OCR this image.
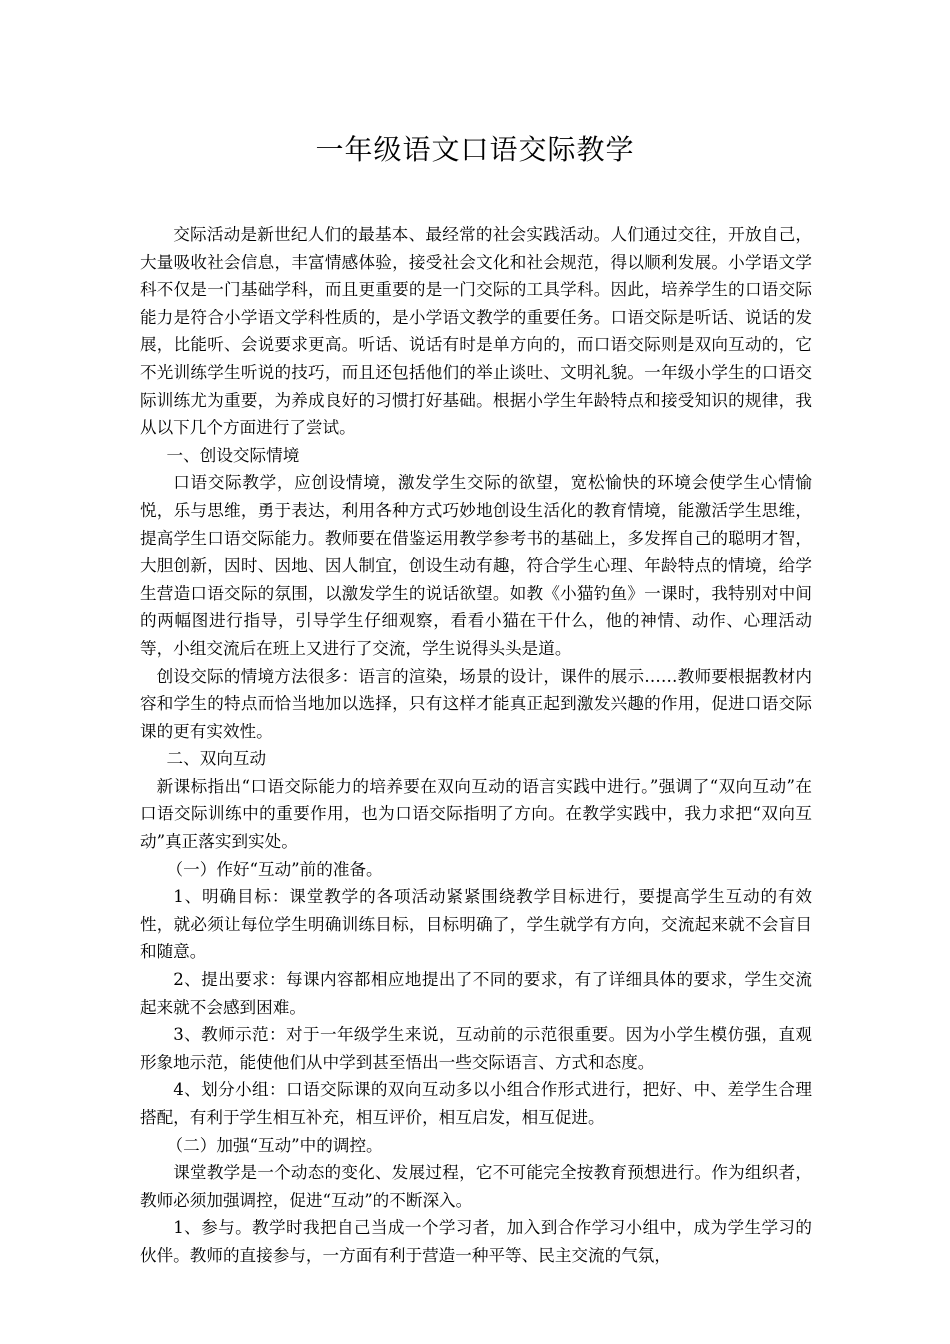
一年级语文口语交际教学

交际活动是新世纪人们的最基本、最经常的社会实践活动。人们通过交往，开放自己，大量吸收社会信息，丰富情感体验，接受社会文化和社会规范，得以顺利发展。小学语文学科不仅是一门基础学科，而且更重要的是一门交际的工具学科。因此，培养学生的口语交际能力是符合小学语文学科性质的，是小学语文教学的重要任务。口语交际是听话、说话的发展，比能听、会说要求更高。听话、说话有时是单方向的，而口语交际则是双向互动的，它不光训练学生听说的技巧，而且还包括他们的举止谈吐、文明礼貌。一年级小学生的口语交际训练尤为重要，为养成良好的习惯打好基础。根据小学生年龄特点和接受知识的规律，我从以下几个方面进行了尝试。

一、创设交际情境

口语交际教学，应创设情境，激发学生交际的欲望，宽松愉快的环境会使学生心情愉悦，乐与思维，勇于表达，利用各种方式巧妙地创设生活化的教育情境，能激活学生思维，提高学生口语交际能力。教师要在借鉴运用教学参考书的基础上，多发挥自己的聪明才智，大胆创新，因时、因地、因人制宜，创设生动有趣，符合学生心理、年龄特点的情境，给学生营造口语交际的氛围，以激发学生的说话欲望。如教《小猫钓鱼》一课时，我特别对中间的两幅图进行指导，引导学生仔细观察，看看小猫在干什么，他的神情、动作、心理活动等，小组交流后在班上又进行了交流，学生说得头头是道。

创设交际的情境方法很多：语言的渲染，场景的设计，课件的展示……教师要根据教材内容和学生的特点而恰当地加以选择，只有这样才能真正起到激发兴趣的作用，促进口语交际课的更有实效性。

二、双向互动

新课标指出“口语交际能力的培养要在双向互动的语言实践中进行。”强调了“双向互动”在口语交际训练中的重要作用，也为口语交际指明了方向。在教学实践中，我力求把“双向互动”真正落实到实处。

（一）作好“互动”前的准备。

1、明确目标：课堂教学的各项活动紧紧围绕教学目标进行，要提高学生互动的有效性，就必须让每位学生明确训练目标，目标明确了，学生就学有方向，交流起来就不会盲目和随意。

2、提出要求：每课内容都相应地提出了不同的要求，有了详细具体的要求，学生交流起来就不会感到困难。

3、教师示范：对于一年级学生来说，互动前的示范很重要。因为小学生模仿强，直观形象地示范，能使他们从中学到甚至悟出一些交际语言、方式和态度。

4、划分小组：口语交际课的双向互动多以小组合作形式进行，把好、中、差学生合理搭配，有利于学生相互补充，相互评价，相互启发，相互促进。

（二）加强“互动”中的调控。

课堂教学是一个动态的变化、发展过程，它不可能完全按教育预想进行。作为组织者，教师必须加强调控，促进“互动”的不断深入。

1、参与。教学时我把自己当成一个学习者，加入到合作学习小组中，成为学生学习的伙伴。教师的直接参与，一方面有利于营造一种平等、民主交流的气氛，
